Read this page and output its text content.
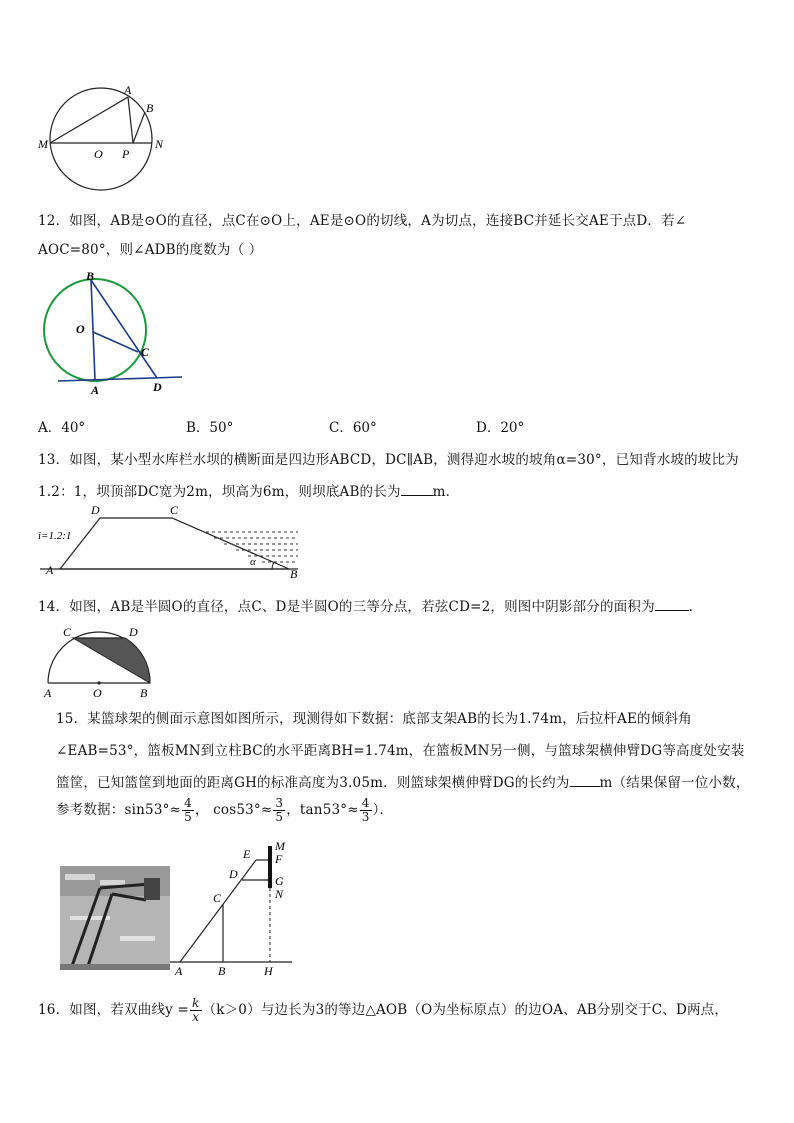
A
B
M
O P
N
12．如图，AB是⊙O的直径，点C在⊙O上，AE是⊙O的切线，A为切点，连接BC并延长交AE于点D．若∠
AOC=80°，则∠ADB的度数为（ ）
B
O
C
A	D
A．40°	B．50°	C．60°	D．20°
13．如图，某小型水库栏水坝的横断面是四边形ABCD，DC∥AB，测得迎水坡的坡角α=30°，已知背水坡的坡比为
1.2：1，坝顶部DC宽为2m，坝高为6m，则坝底AB的长为 m．
D	C
i=1.2:1
A
α
B
14．如图，AB是半圆O的直径，点C、D是半圆O的三等分点，若弦CD=2，则图中阴影部分的面积为	．
C	D
A	O	B
15．某篮球架的侧面示意图如图所示，现测得如下数据：底部支架AB的长为1.74m，后拉杆AE的倾斜角
∠EAB=53°，篮板MN到立柱BC的水平距离BH=1.74m，在篮板MN另一侧，与篮球架横伸臂DG等高度处安装
篮筐，已知篮筐到地面的距离GH的标准高度为3.05m．则篮球架横伸臂DG的长约为 m（结果保留一位小数，
参考数据：$\sin 53^\circ\approx \frac{4}{5}$ ， $\cos 53^\circ\approx \frac{3}{5}$ ，$\tan 53^\circ\approx \frac{4}{3}$ ）．
E
M
F
D	G
N
C
A	B	H
16．如图，若双曲线$y = \frac{k}{x} (k>0)$与边长为3的等边△AOB（O为坐标原点）的边OA、AB分别交于C、D两点，
